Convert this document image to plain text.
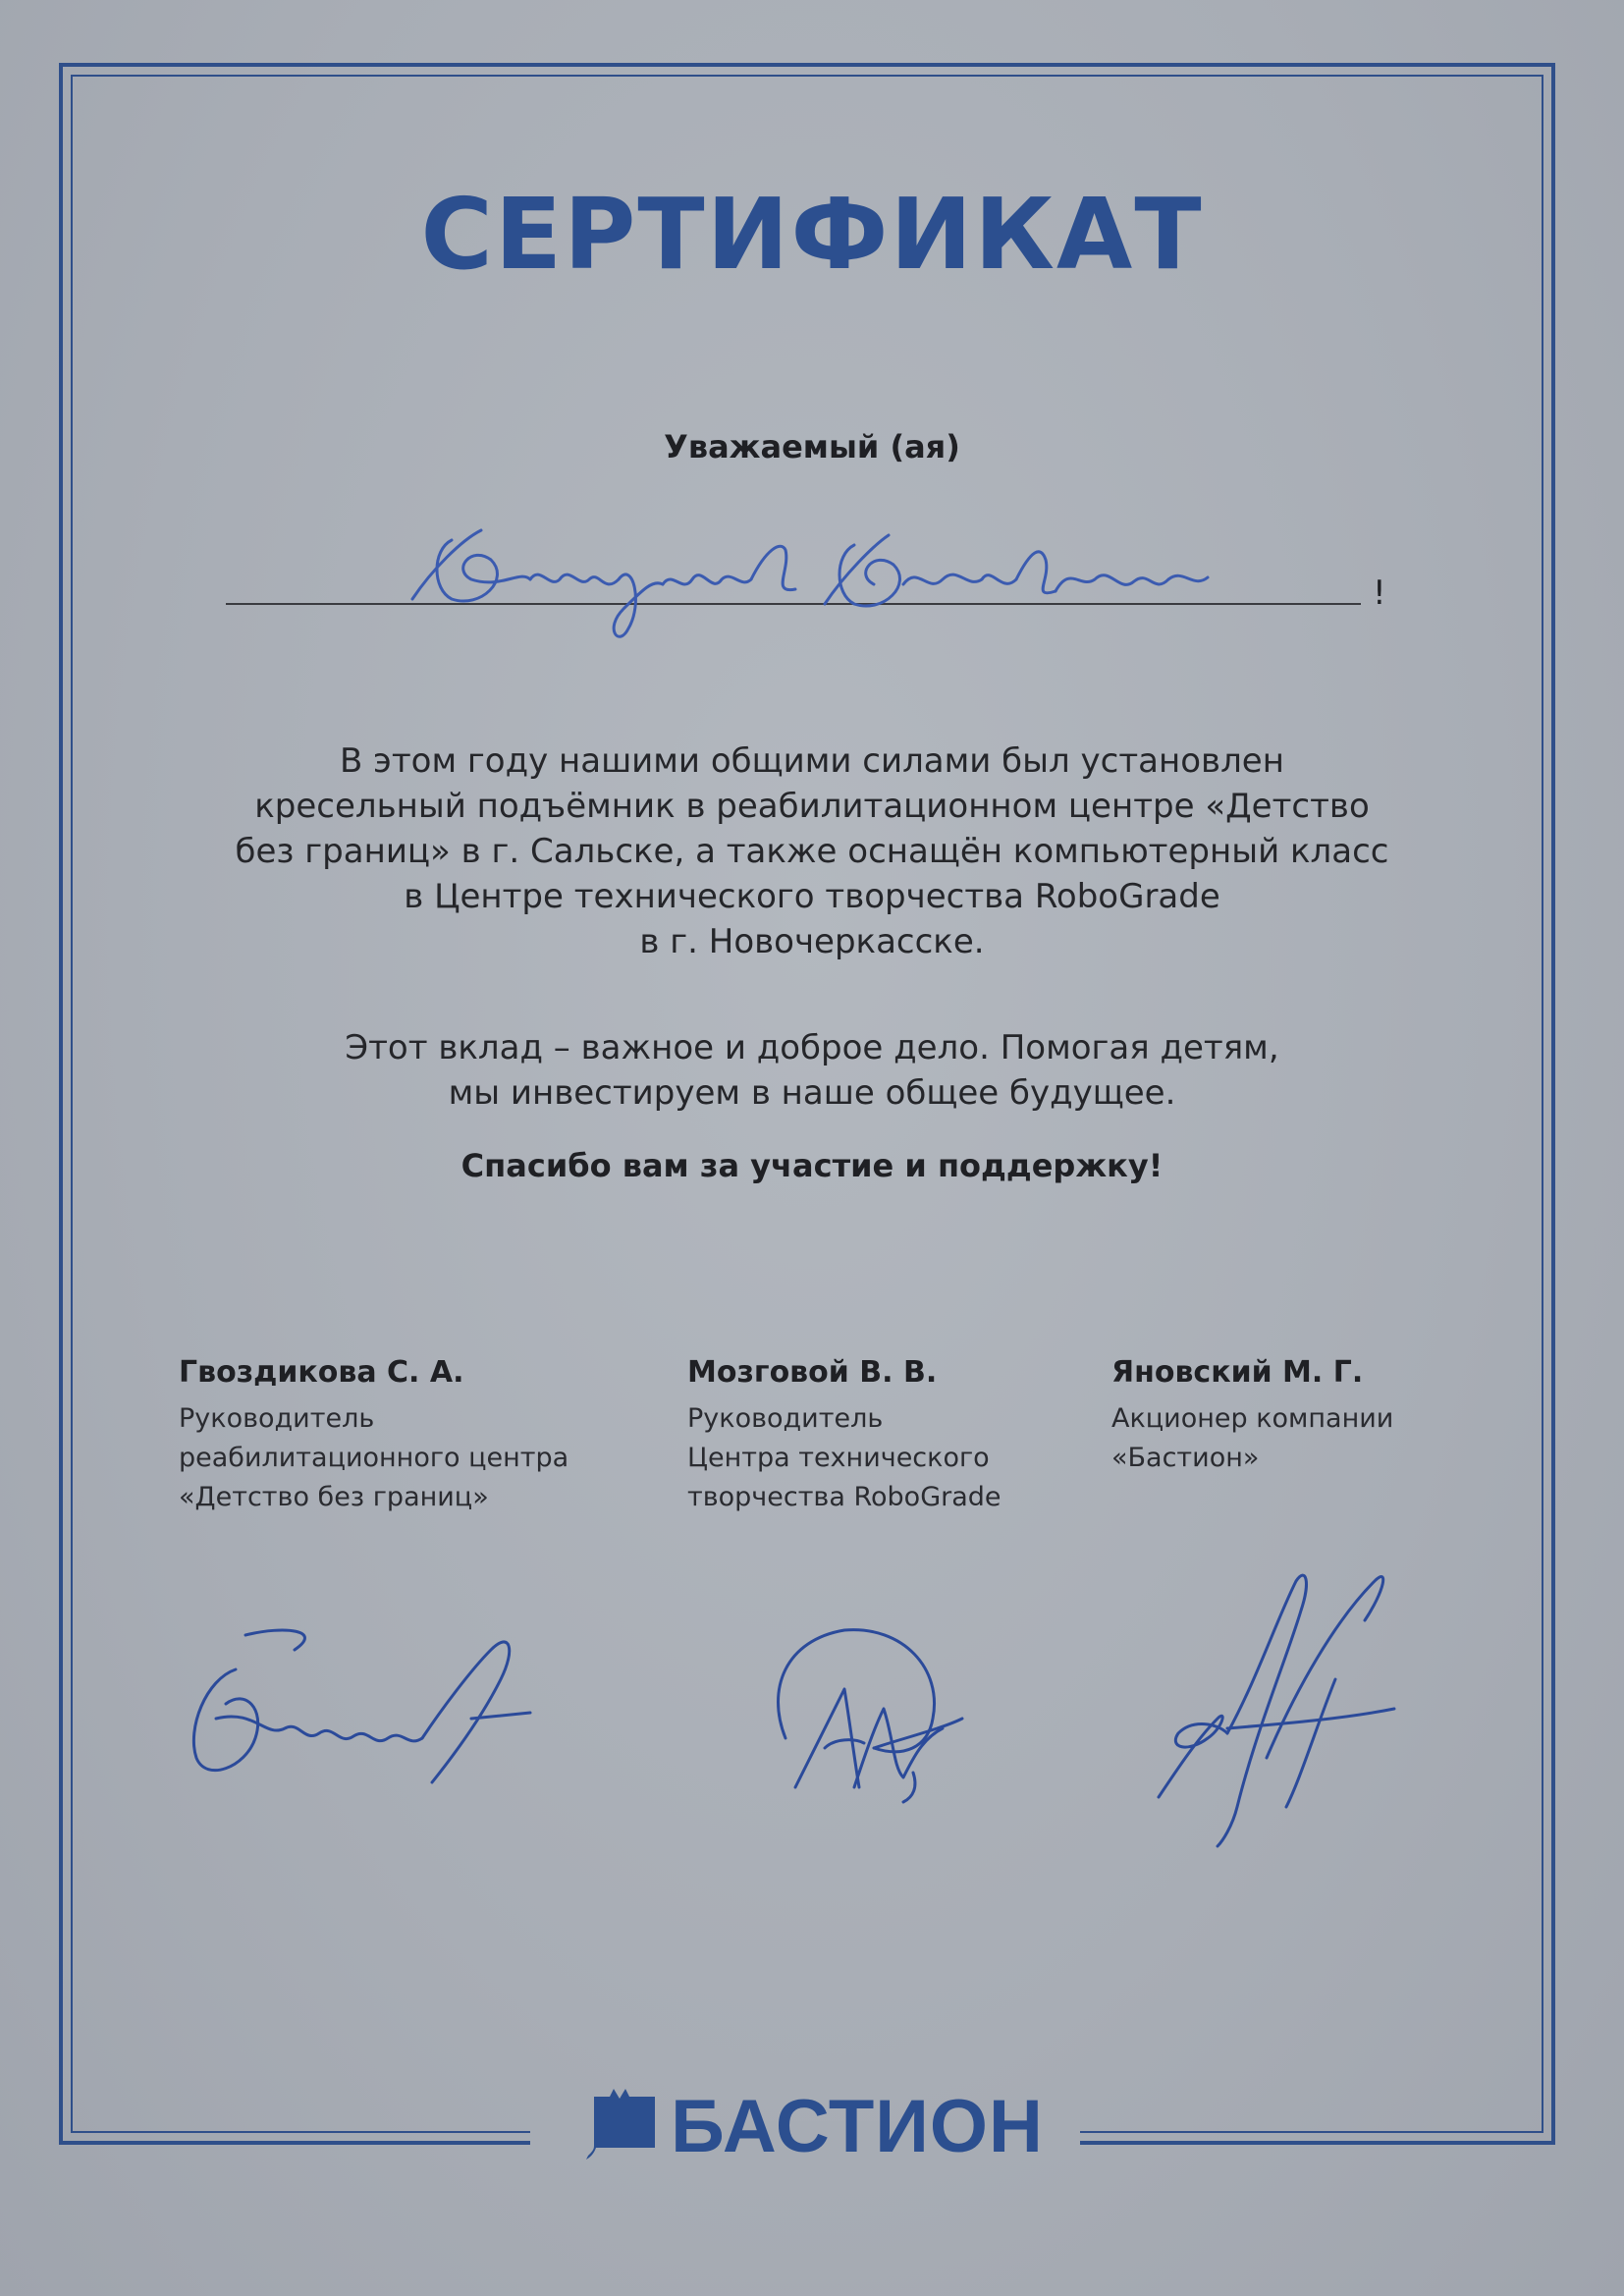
СЕРТИФИКАТ
Уважаемый (ая)
!
В этом году нашими общими силами был установлен
кресельный подъёмник в реабилитационном центре «Детство
без границ» в г. Сальске, а также оснащён компьютерный класс
в Центре технического творчества RoboGrade
в г. Новочеркасске.
Этот вклад – важное и доброе дело. Помогая детям,
мы инвестируем в наше общее будущее.
Спасибо вам за участие и поддержку!
Гвоздикова С. А.
Руководитель
реабилитационного центра
«Детство без границ»
Мозговой В. В.
Руководитель
Центра технического
творчества RoboGrade
Яновский М. Г.
Акционер компании
«Бастион»
БАСТИОН
